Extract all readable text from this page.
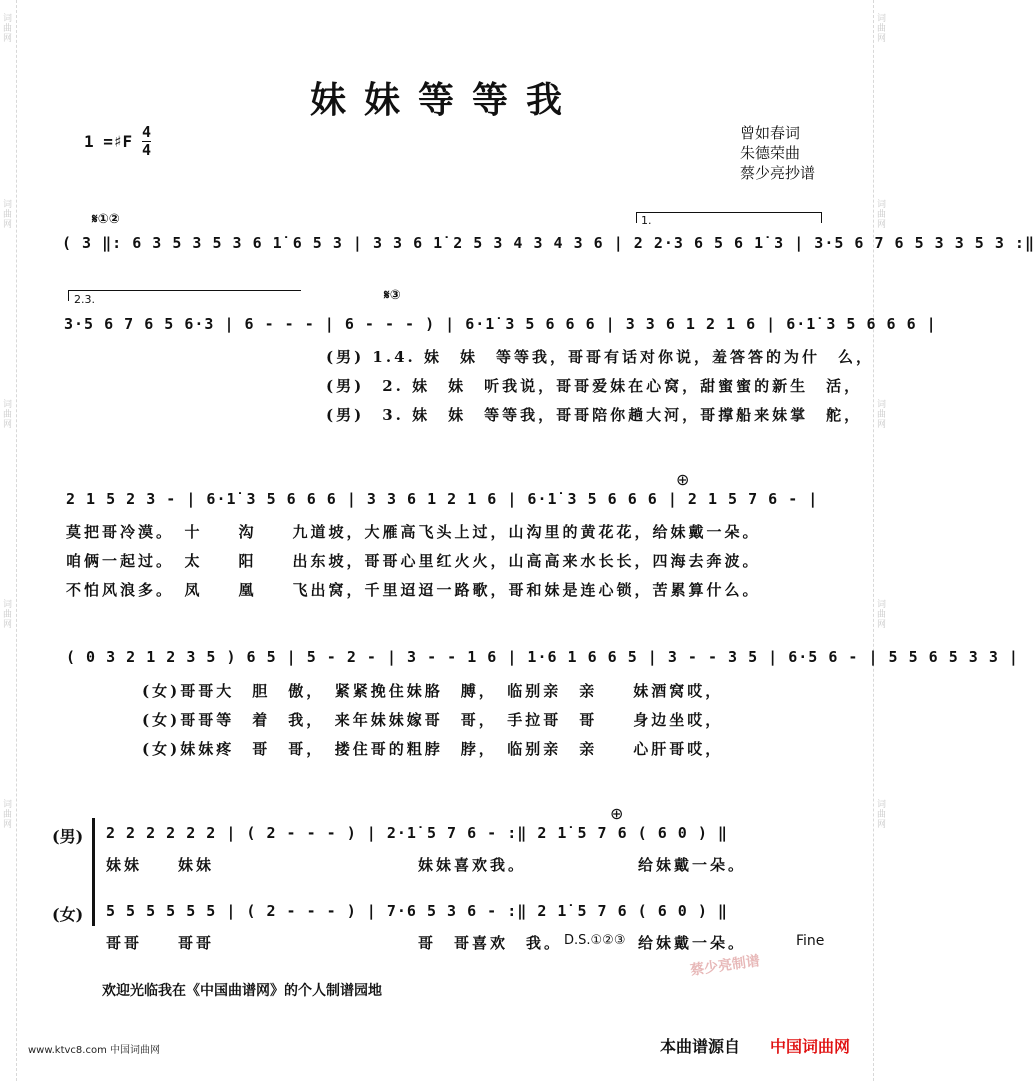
词曲网
词曲网
词曲网
词曲网
词曲网
词曲网
词曲网
词曲网
词曲网
词曲网
妹妹等等我
1 =♯F 4
4
曾如春词
朱德荣曲
蔡少亮抄谱
𝄋①②	1.
( 3 ‖: 6 3 5 3 5 3 6 1̇ 6 5 3 | 3 3 6 1̇ 2 5 3 4 3 4 3 6 | 2 2·3 6 5 6 1̇ 3 | 3·5 6 7 6 5 3 3 5 3 :‖
2.3.	𝄋③
3·5 6 7 6 5 6·3 | 6 - - - | 6 - - - ) | 6·1̇ 3 5 6 6 6 | 3 3 6 1 2 1 6 | 6·1̇ 3 5 6 6 6 |
(男) 1.4. 妹　妹　等等我，哥哥有话对你说，羞答答的为什　么，
(男)　2. 妹　妹　听我说，哥哥爱妹在心窝，甜蜜蜜的新生　活，
(男)　3. 妹　妹　等等我，哥哥陪你趟大河，哥撑船来妹掌　舵，
⊕
2 1 5 2 3 - | 6·1̇ 3 5 6 6 6 | 3 3 6 1 2 1 6 | 6·1̇ 3 5 6 6 6 | 2 1 5 7 6 - |
莫把哥冷漠。　十　　沟　　九道坡，大雁高飞头上过，山沟里的黄花花，给妹戴一朵。
咱俩一起过。　太　　阳　　出东坡，哥哥心里红火火，山高高来水长长，四海去奔波。
不怕风浪多。　凤　　凰　　飞出窝，千里迢迢一路歌，哥和妹是连心锁，苦累算什么。
( 0 3 2 1 2 3 5 ) 6 5 | 5 - 2 - | 3 - - 1 6 | 1·6 1 6 6 5 | 3 - - 3 5 | 6·5 6 - | 5 5 6 5 3 3 |
(女)哥哥大　胆　傲，　紧紧挽住妹胳　膊，　临别亲　亲　　妹酒窝哎，
(女)哥哥等　着　我，　来年妹妹嫁哥　哥，　手拉哥　哥　　身边坐哎，
(女)妹妹疼　哥　哥，　搂住哥的粗脖　脖，　临别亲　亲　　心肝哥哎，
⊕
(男) 2 2 2 2 2 2 | ( 2 - - - ) | 2·1̇ 5 7 6 - :‖ 2 1̇ 5 7 6 ( 6 0 ) ‖
妹妹　　妹妹	妹妹喜欢我。	给妹戴一朵。
(女) 5 5 5 5 5 5 | ( 2 - - - ) | 7·6 5 3 6 - :‖ 2 1̇ 5 7 6 ( 6 0 ) ‖
哥哥　　哥哥	哥　哥喜欢　我。 D.S.①②③ 给妹戴一朵。	Fine
蔡少亮制谱
欢迎光临我在《中国曲谱网》的个人制谱园地
www.ktvc8.com 中国词曲网	本曲谱源自 中国词曲网
